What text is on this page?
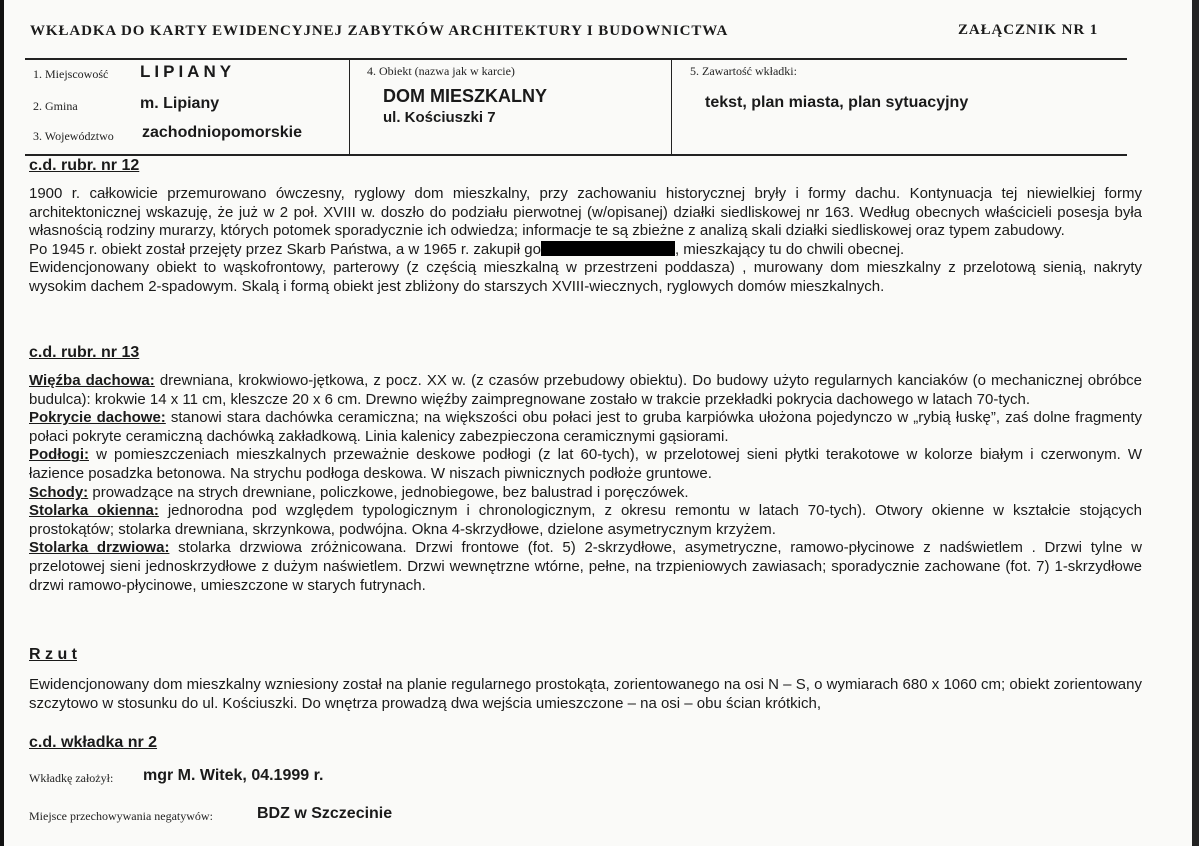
WKŁADKA DO KARTY EWIDENCYJNEJ ZABYTKÓW ARCHITEKTURY I BUDOWNICTWA	ZAŁĄCZNIK NR 1
1. Miejscowość LIPIANY
2. Gmina	m. Lipiany
3. Województwo zachodniopomorskie
4. Obiekt (nazwa jak w karcie)
DOM MIESZKALNY
ul. Kościuszki 7
5. Zawartość wkładki:
tekst, plan miasta, plan sytuacyjny
c.d. rubr. nr 12

1900 r. całkowicie przemurowano ówczesny, ryglowy dom mieszkalny, przy zachowaniu historycznej bryły i formy dachu. Kontynuacja tej niewielkiej formy architektonicznej wskazuję, że już w 2 poł. XVIII w. doszło do podziału pierwotnej (w/opisanej) działki siedliskowej nr 163. Według obecnych właścicieli posesja była własnością rodziny murarzy, których potomek sporadycznie ich odwiedza; informacje te są zbieżne z analizą skali działki siedliskowej oraz typem zabudowy.

Po 1945 r. obiekt został przejęty przez Skarb Państwa, a w 1965 r. zakupił go	, mieszkający tu do chwili obecnej.

Ewidencjonowany obiekt to wąskofrontowy, parterowy (z częścią mieszkalną w przestrzeni poddasza) , murowany dom mieszkalny z przelotową sienią, nakryty wysokim dachem 2-spadowym. Skalą i formą obiekt jest zbliżony do starszych XVIII-wiecznych, ryglowych domów mieszkalnych.

c.d. rubr. nr 13

Więźba dachowa: drewniana, krokwiowo-jętkowa, z pocz. XX w. (z czasów przebudowy obiektu). Do budowy użyto regularnych kanciaków (o mechanicznej obróbce budulca): krokwie 14 x 11 cm, kleszcze 20 x 6 cm. Drewno więźby zaimpregnowane zostało w trakcie przekładki pokrycia dachowego w latach 70-tych.

Pokrycie dachowe: stanowi stara dachówka ceramiczna; na większości obu połaci jest to gruba karpiówka ułożona pojedynczo w „rybią łuskę”, zaś dolne fragmenty połaci pokryte ceramiczną dachówką zakładkową. Linia kalenicy zabezpieczona ceramicznymi gąsiorami.

Podłogi: w pomieszczeniach mieszkalnych przeważnie deskowe podłogi (z lat 60-tych), w przelotowej sieni płytki terakotowe w kolorze białym i czerwonym. W łazience posadzka betonowa. Na strychu podłoga deskowa. W niszach piwnicznych podłoże gruntowe.

Schody: prowadzące na strych drewniane, policzkowe, jednobiegowe, bez balustrad i poręczówek.

Stolarka okienna: jednorodna pod względem typologicznym i chronologicznym, z okresu remontu w latach 70-tych). Otwory okienne w kształcie stojących prostokątów; stolarka drewniana, skrzynkowa, podwójna. Okna 4-skrzydłowe, dzielone asymetrycznym krzyżem.

Stolarka drzwiowa: stolarka drzwiowa zróżnicowana. Drzwi frontowe (fot. 5) 2-skrzydłowe, asymetryczne, ramowo-płycinowe z nadświetlem . Drzwi tylne w przelotowej sieni jednoskrzydłowe z dużym naświetlem. Drzwi wewnętrzne wtórne, pełne, na trzpieniowych zawiasach; sporadycznie zachowane (fot. 7) 1-skrzydłowe drzwi ramowo-płycinowe, umieszczone w starych futrynach.

R z u t

Ewidencjonowany dom mieszkalny wzniesiony został na planie regularnego prostokąta, zorientowanego na osi N – S, o wymiarach 680 x 1060 cm; obiekt zorientowany szczytowo w stosunku do ul. Kościuszki. Do wnętrza prowadzą dwa wejścia umieszczone – na osi – obu ścian krótkich,

c.d. wkładka nr 2
Wkładkę założył: mgr M. Witek, 04.1999 r.
Miejsce przechowywania negatywów:	BDZ w Szczecinie
